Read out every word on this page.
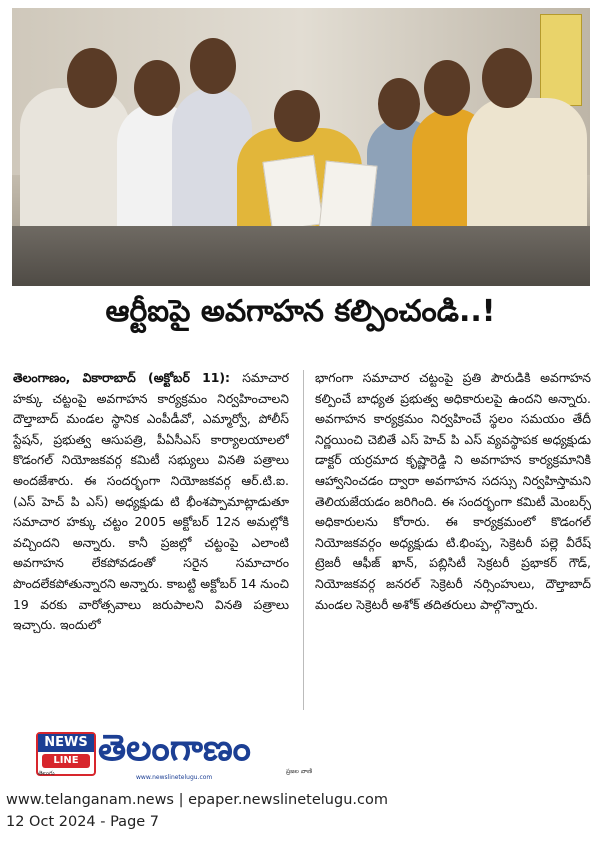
ఆర్టీఐపై అవగాహన కల్పించండి..!
తెలంగాణం, వికారాబాద్ (అక్టోబర్ 11): సమాచార హక్కు చట్టంపై అవగాహన కార్యక్రమం నిర్వహించాలని దౌల్తాబాద్ మండల స్థానిక ఎంపీడీవో, ఎమ్మార్వో, పోలీస్ స్టేషన్, ప్రభుత్వ ఆసుపత్రి, పీఏసీఎస్ కార్యాలయాలలో కొడంగల్ నియోజకవర్గ కమిటీ సభ్యులు వినతి పత్రాలు అందజేశారు. ఈ సందర్భంగా నియోజకవర్గ ఆర్.టి.ఐ. (ఎస్ హెచ్ పి ఎస్) అధ్యక్షుడు టి భీంశప్పామాట్లాడుతూ సమాచార హక్కు చట్టం 2005 అక్టోబర్ 12న అమల్లోకి వచ్చిందని అన్నారు. కానీ ప్రజల్లో చట్టంపై ఎలాంటి అవగాహన లేకపోవడంతో సరైన సమాచారం పొందలేకపోతున్నారని అన్నారు. కాబట్టి అక్టోబర్ 14 నుంచి 19 వరకు వారోత్సవాలు జరుపాలని వినతి పత్రాలు ఇచ్చారు. ఇందులో
భాగంగా సమాచార చట్టంపై ప్రతి పౌరుడికి అవగాహన కల్పించే బాధ్యత ప్రభుత్వ అధికారులపై ఉందని అన్నారు. అవగాహన కార్యక్రమం నిర్వహించే స్థలం సమయం తేదీ నిర్ణయించి చెబితే ఎస్ హెచ్ పి ఎస్ వ్యవస్థాపక అధ్యక్షుడు డాక్టర్ యర్రమాద కృష్ణారెడ్డి ని అవగాహన కార్యక్రమానికి ఆహ్వానించడం ద్వారా అవగాహన సదస్సు నిర్వహిస్తామని తెలియజేయడం జరిగింది. ఈ సందర్భంగా కమిటీ మెంబర్స్ అధికారులను కోరారు. ఈ కార్యక్రమంలో కొడంగల్ నియోజకవర్గం అధ్యక్షుడు టి.భింప్ప, సెక్రెటరీ పల్లె వీరేష్ ట్రెజరీ ఆఫీజ్ ఖాన్, పబ్లిసిటీ సెక్రటరీ ప్రభాకర్ గౌడ్, నియోజకవర్గ జనరల్ సెక్రెటరీ నర్సింహులు, దౌల్తాబాద్ మండల సెక్రెటరీ అశోక్ తదితరులు పాల్గొన్నారు.
NEWS
LINE
తెలుగు
తెలంగాణం
ప్రజల వాణి
www.newslinetelugu.com
www.telanganam.news | epaper.newslinetelugu.com
12 Oct 2024 - Page 7
